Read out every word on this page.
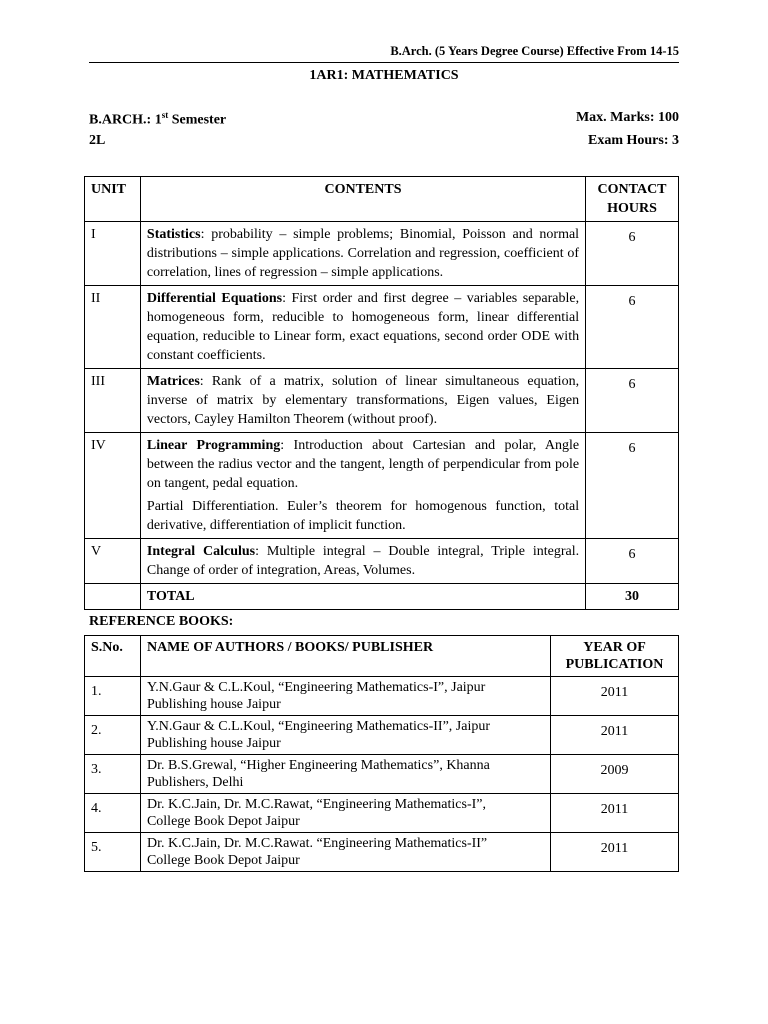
B.Arch. (5 Years Degree Course) Effective From 14-15
1AR1: MATHEMATICS
B.ARCH.: 1st Semester	Max. Marks: 100
2L	Exam Hours: 3
UNIT	CONTENTS	CONTACT
HOURS
I	Statistics: probability – simple problems; Binomial, Poisson and normal distributions – simple applications. Correlation and regression, coefficient of correlation, lines of regression – simple applications.	6
II	Differential Equations: First order and first degree – variables separable, homogeneous form, reducible to homogeneous form, linear differential equation, reducible to Linear form, exact equations, second order ODE with constant coefficients.	6
III	Matrices: Rank of a matrix, solution of linear simultaneous equation, inverse of matrix by elementary transformations, Eigen values, Eigen vectors, Cayley Hamilton Theorem (without proof).	6
IV	Linear Programming: Introduction about Cartesian and polar, Angle between the radius vector and the tangent, length of perpendicular from pole on tangent, pedal equation.

Partial Differentiation. Euler’s theorem for homogenous function, total derivative, differentiation of implicit function.	6
V	Integral Calculus: Multiple integral – Double integral, Triple integral. Change of order of integration, Areas, Volumes.	6
	TOTAL	30
REFERENCE BOOKS:
S.No.	NAME OF AUTHORS / BOOKS/ PUBLISHER	YEAR OF
PUBLICATION
1.	Y.N.Gaur & C.L.Koul, “Engineering Mathematics-I”, Jaipur
Publishing house Jaipur	2011
2.	Y.N.Gaur & C.L.Koul, “Engineering Mathematics-II”, Jaipur
Publishing house Jaipur	2011
3.	Dr. B.S.Grewal, “Higher Engineering Mathematics”, Khanna
Publishers, Delhi	2009
4.	Dr. K.C.Jain, Dr. M.C.Rawat, “Engineering Mathematics-I”,
College Book Depot Jaipur	2011
5.	Dr. K.C.Jain, Dr. M.C.Rawat. “Engineering Mathematics-II”
College Book Depot Jaipur	2011
